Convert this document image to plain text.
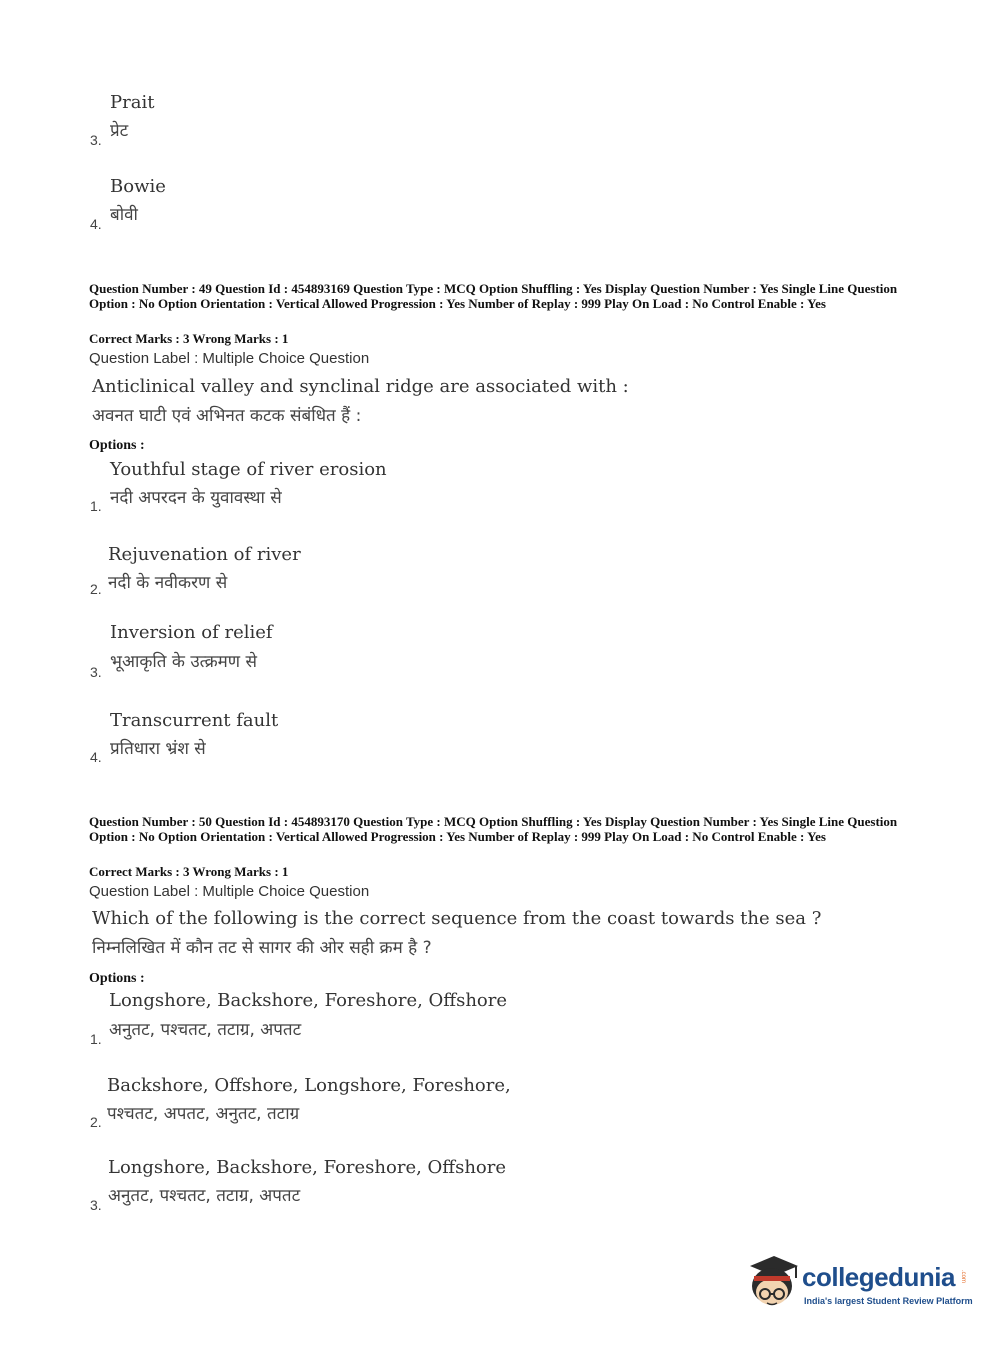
Prait
प्रेट
3.
Bowie
बोवी
4.
Question Number : 49 Question Id : 454893169 Question Type : MCQ Option Shuffling : Yes Display Question Number : Yes Single Line Question Option : No Option Orientation : Vertical Allowed Progression : Yes Number of Replay : 999 Play On Load : No Control Enable : Yes
Correct Marks : 3 Wrong Marks : 1
Question Label : Multiple Choice Question
Anticlinical valley and synclinal ridge are associated with :
अवनत घाटी एवं अभिनत कटक संबंधित हैं :
Options :
Youthful stage of river erosion
नदी अपरदन के युवावस्था से
1.
Rejuvenation of river
नदी के नवीकरण से
2.
Inversion of relief
भूआकृति के उत्क्रमण से
3.
Transcurrent fault
प्रतिधारा भ्रंश से
4.
Question Number : 50 Question Id : 454893170 Question Type : MCQ Option Shuffling : Yes Display Question Number : Yes Single Line Question Option : No Option Orientation : Vertical Allowed Progression : Yes Number of Replay : 999 Play On Load : No Control Enable : Yes
Correct Marks : 3 Wrong Marks : 1
Question Label : Multiple Choice Question
Which of the following is the correct sequence from the coast towards the sea ?
निम्नलिखित में कौन तट से सागर की ओर सही क्रम है ?
Options :
Longshore, Backshore, Foreshore, Offshore
अनुतट, पश्चतट, तटाग्र, अपतट
1.
Backshore, Offshore, Longshore, Foreshore,
पश्चतट, अपतट, अनुतट, तटाग्र
2.
Longshore, Backshore, Foreshore, Offshore
अनुतट, पश्चतट, तटाग्र, अपतट
3.
collegedunia .com
India's largest Student Review Platform
